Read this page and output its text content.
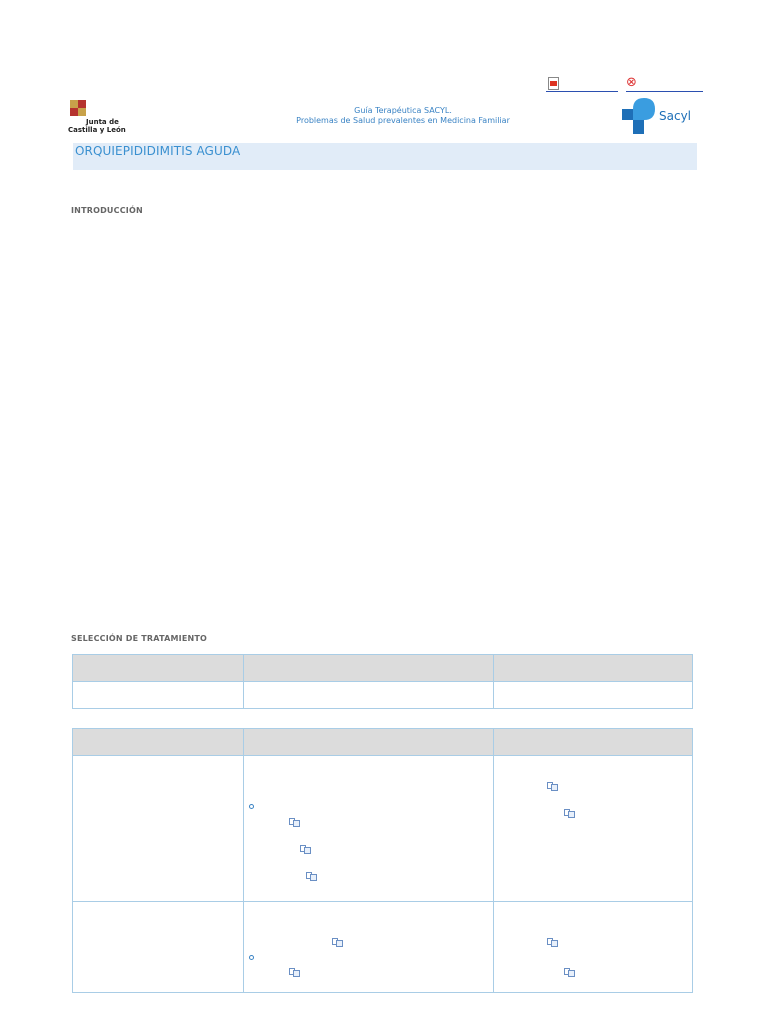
⊗
Junta de
Castilla y León
Guía Terapéutica SACYL.
Problemas de Salud prevalentes en Medicina Familiar	Sacyl
ORQUIEPIDIDIMITIS AGUDA
INTRODUCCIÓN
SELECCIÓN DE TRATAMIENTO
